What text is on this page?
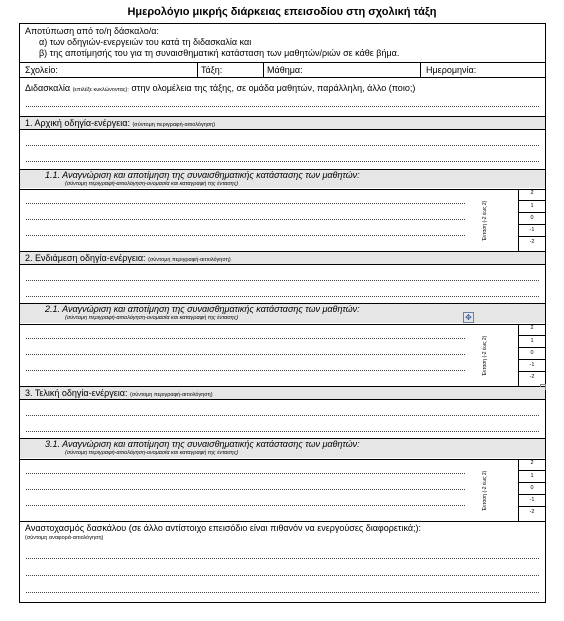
Ημερολόγιο μικρής διάρκειας επεισοδίου στη σχολική τάξη
Αποτύπωση από το/η δάσκαλο/α:
α) των οδηγιών-ενεργειών του κατά τη διδασκαλία και
β) της αποτίμησής του για τη συναισθηματική κατάσταση των μαθητών/ριών σε κάθε βήμα.
Σχολείο:	Τάξη:	Μάθημα:	Ημερομηνία:
Διδασκαλία (επιλέξε κυκλώνοντας): στην ολομέλεια της τάξης, σε ομάδα μαθητών, παράλληλη, άλλο (ποιο;)
1. Αρχική οδηγία-ενέργεια: (σύντομη περιγραφή-αιτιολόγηση)
1.1. Αναγνώριση και αποτίμηση της συναισθηματικής κατάστασης των μαθητών:
(σύντομη περιγραφή-αιτιολόγηση-ονομασία και καταγραφή της έντασης)
Ένταση (-2 έως 2)
2
1
0
-1
-2
2. Ενδιάμεση οδηγία-ενέργεια: (σύντομη περιγραφή-αιτιολόγηση)
2.1. Αναγνώριση και αποτίμηση της συναισθηματικής κατάστασης των μαθητών:
(σύντομη περιγραφή-αιτιολόγηση-ονομασία και καταγραφή της έντασης)	✥
Ένταση (-2 έως 2)
2
1
0
-1
-2
3. Τελική οδηγία-ενέργεια: (σύντομη περιγραφή-αιτιολόγηση)
3.1. Αναγνώριση και αποτίμηση της συναισθηματικής κατάστασης των μαθητών:
(σύντομη περιγραφή-αιτιολόγηση-ονομασία και καταγραφή της έντασης)
Ένταση (-2 έως 2)
2
1
0
-1
-2
Αναστοχασμός δασκάλου (σε άλλο αντίστοιχο επεισόδιο είναι πιθανόν να ενεργούσες διαφορετικά;):
(σύντομη αναφορά-αιτιολόγηση)
